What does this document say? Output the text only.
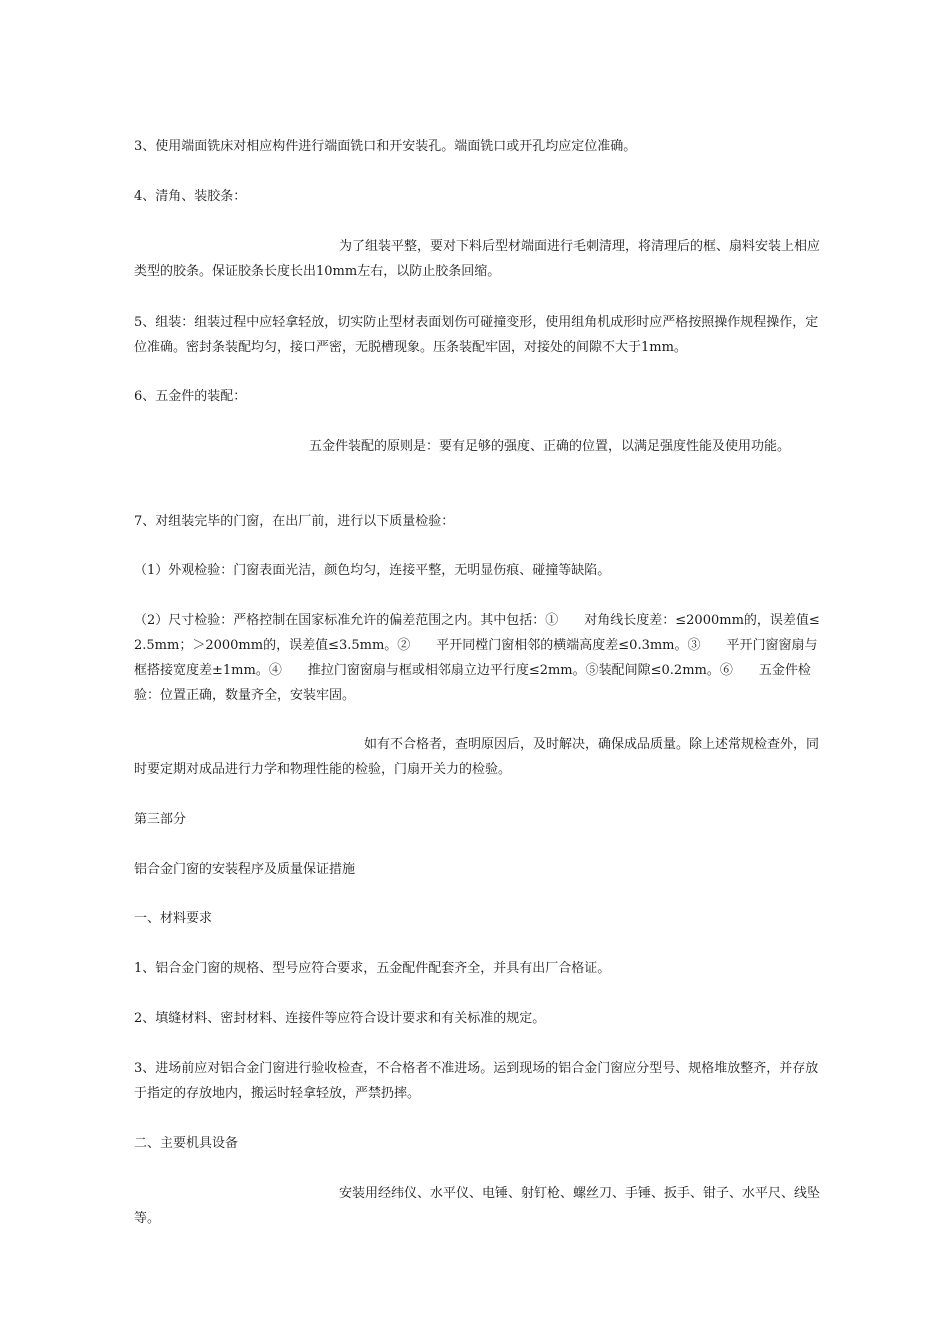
3、使用端面铣床对相应构件进行端面铣口和开安装孔。端面铣口或开孔均应定位准确。

4、清角、装胶条：

为了组装平整，要对下料后型材端面进行毛刺清理，将清理后的框、扇料安装上相应类型的胶条。保证胶条长度长出10mm左右，以防止胶条回缩。

5、组装：组装过程中应轻拿轻放，切实防止型材表面划伤可碰撞变形，使用组角机成形时应严格按照操作规程操作，定位准确。密封条装配均匀，接口严密，无脱槽现象。压条装配牢固，对接处的间隙不大于1mm。

6、五金件的装配：

五金件装配的原则是：要有足够的强度、正确的位置，以满足强度性能及使用功能。

7、对组装完毕的门窗，在出厂前，进行以下质量检验：

（1）外观检验：门窗表面光洁，颜色均匀，连接平整，无明显伤痕、碰撞等缺陷。

（2）尺寸检验：严格控制在国家标准允许的偏差范围之内。其中包括：①　　对角线长度差：≤2000mm的，误差值≤2.5mm；＞2000mm的，误差值≤3.5mm。②　　平开同樘门窗相邻的横端高度差≤0.3mm。③　　平开门窗窗扇与框搭接宽度差±1mm。④　　推拉门窗窗扇与框或相邻扇立边平行度≤2mm。⑤装配间隙≤0.2mm。⑥　　五金件检验：位置正确，数量齐全，安装牢固。

如有不合格者，查明原因后，及时解决，确保成品质量。除上述常规检查外，同时要定期对成品进行力学和物理性能的检验，门扇开关力的检验。

第三部分

铝合金门窗的安装程序及质量保证措施

一、材料要求

1、铝合金门窗的规格、型号应符合要求，五金配件配套齐全，并具有出厂合格证。

2、填缝材料、密封材料、连接件等应符合设计要求和有关标准的规定。

3、进场前应对铝合金门窗进行验收检查，不合格者不准进场。运到现场的铝合金门窗应分型号、规格堆放整齐，并存放于指定的存放地内，搬运时轻拿轻放，严禁扔摔。

二、主要机具设备

安装用经纬仪、水平仪、电锤、射钉枪、螺丝刀、手锤、扳手、钳子、水平尺、线坠等。
